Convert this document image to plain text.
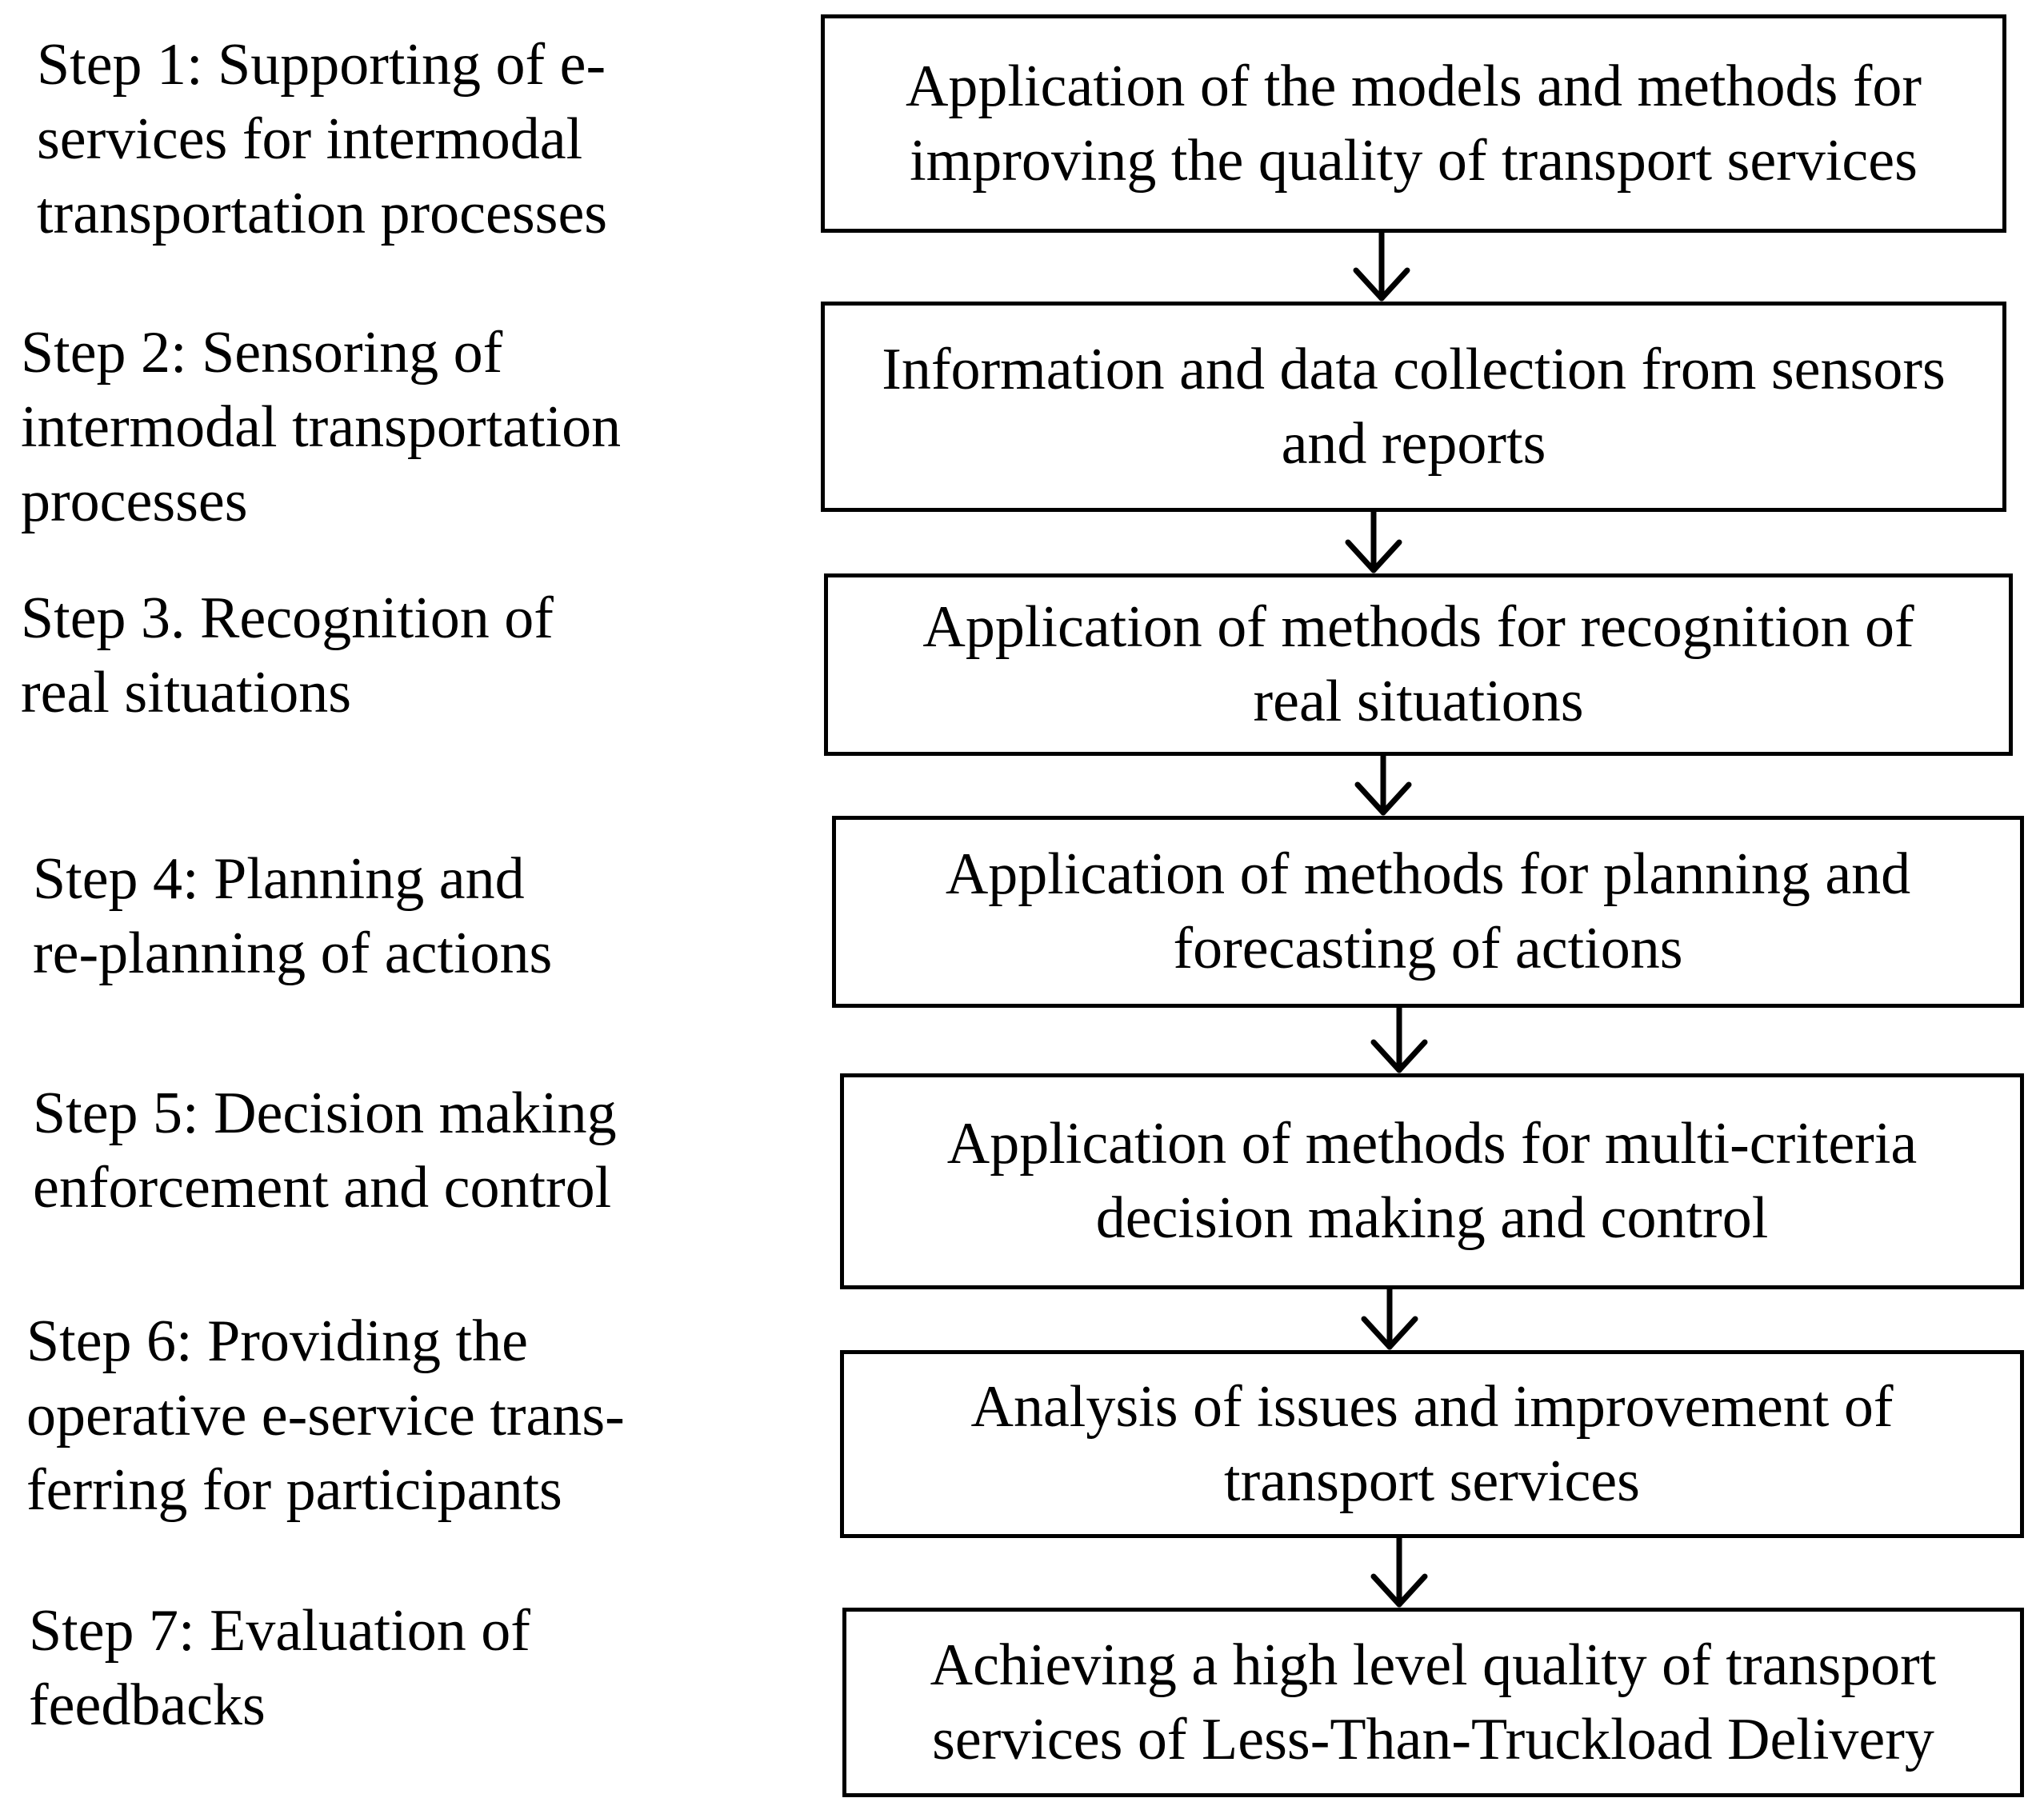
Step 1: Supporting of e-
services for intermodal
transportation processes

Step 2: Sensoring of
intermodal transportation
processes

Step 3. Recognition of
real situations

Step 4: Planning and
re-planning of actions

Step 5: Decision making
enforcement and control

Step 6: Providing the
operative e-service trans-
ferring for participants

Step 7: Evaluation of
feedbacks

Application of the models and methods for
improving the quality of transport services

Information and data collection from sensors
and reports

Application of methods for recognition of
real situations

Application of methods for planning and
forecasting of actions

Application of methods for multi-criteria
decision making and control

Analysis of issues and improvement of
transport services

Achieving a high level quality of transport
services of Less-Than-Truckload Delivery
